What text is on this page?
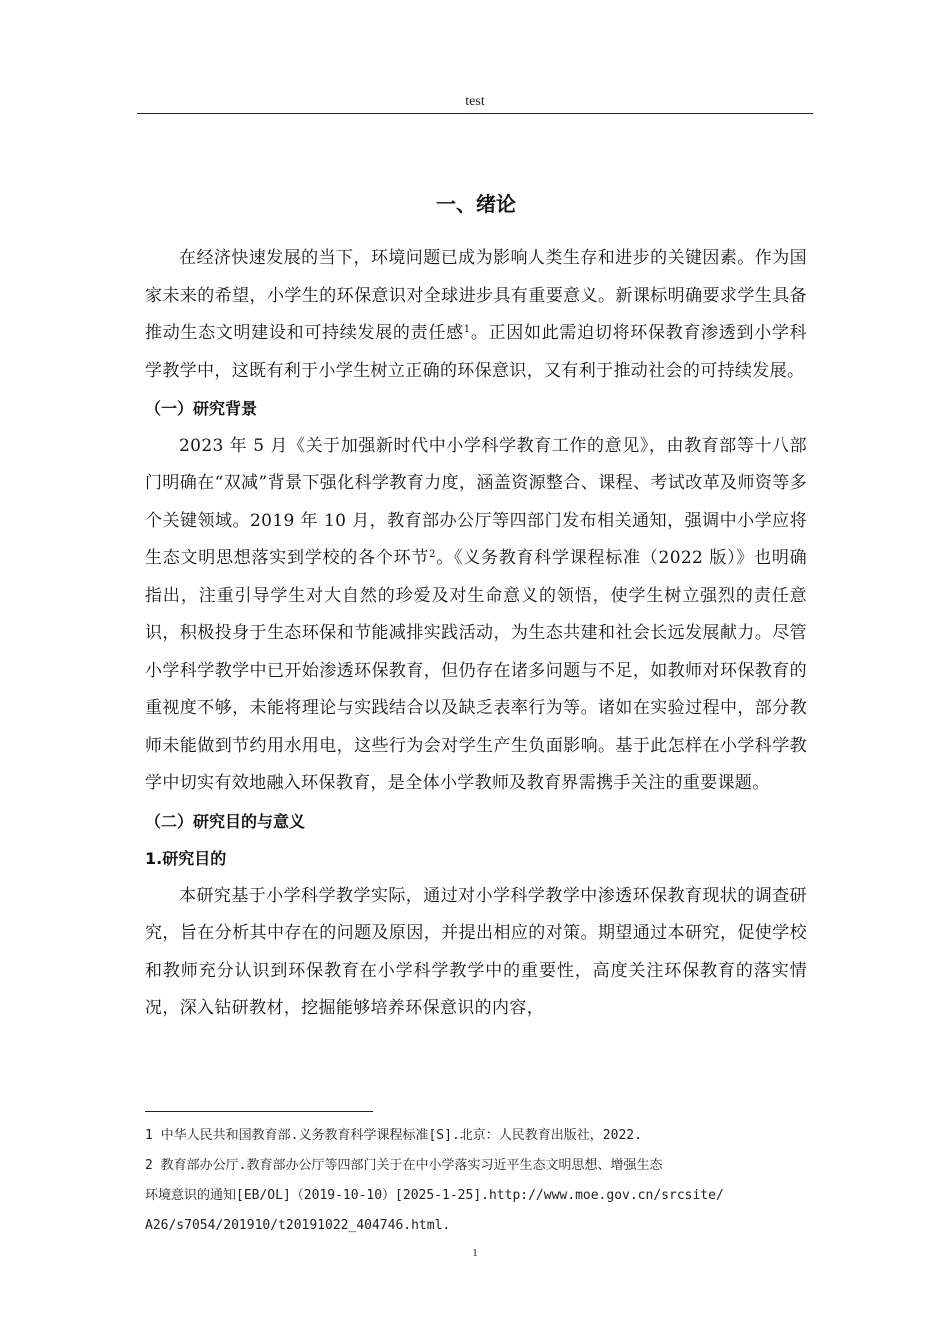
test
一、绪论

在经济快速发展的当下，环境问题已成为影响人类生存和进步的关键因素。作为国家未来的希望，小学生的环保意识对全球进步具有重要意义。新课标明确要求学生具备推动生态文明建设和可持续发展的责任感$^1$。正因如此需迫切将环保教育渗透到小学科学教学中，这既有利于小学生树立正确的环保意识，又有利于推动社会的可持续发展。

（一）研究背景

2023 年 5 月《关于加强新时代中小学科学教育工作的意见》，由教育部等十八部门明确在“双减”背景下强化科学教育力度，涵盖资源整合、课程、考试改革及师资等多个关键领域。2019 年 10 月，教育部办公厅等四部门发布相关通知，强调中小学应将生态文明思想落实到学校的各个环节$^2$。《义务教育科学课程标准（2022 版）》也明确指出，注重引导学生对大自然的珍爱及对生命意义的领悟，使学生树立强烈的责任意识，积极投身于生态环保和节能减排实践活动，为生态共建和社会长远发展献力。尽管小学科学教学中已开始渗透环保教育，但仍存在诸多问题与不足，如教师对环保教育的重视度不够，未能将理论与实践结合以及缺乏表率行为等。诸如在实验过程中，部分教师未能做到节约用水用电，这些行为会对学生产生负面影响。基于此怎样在小学科学教学中切实有效地融入环保教育，是全体小学教师及教育界需携手关注的重要课题。

（二）研究目的与意义
1.研究目的

本研究基于小学科学教学实际，通过对小学科学教学中渗透环保教育现状的调查研究，旨在分析其中存在的问题及原因，并提出相应的对策。期望通过本研究，促使学校和教师充分认识到环保教育在小学科学教学中的重要性，高度关注环保教育的落实情况，深入钻研教材，挖掘能够培养环保意识的内容，

1 中华人民共和国教育部.义务教育科学课程标准[S].北京：人民教育出版社，2022.

2 教育部办公厅.教育部办公厅等四部门关于在中小学落实习近平生态文明思想、增强生态

环境意识的通知[EB/OL]（2019-10-10）[2025-1-25].http://www.moe.gov.cn/srcsite/

A26/s7054/201910/t20191022_404746.html.

1
